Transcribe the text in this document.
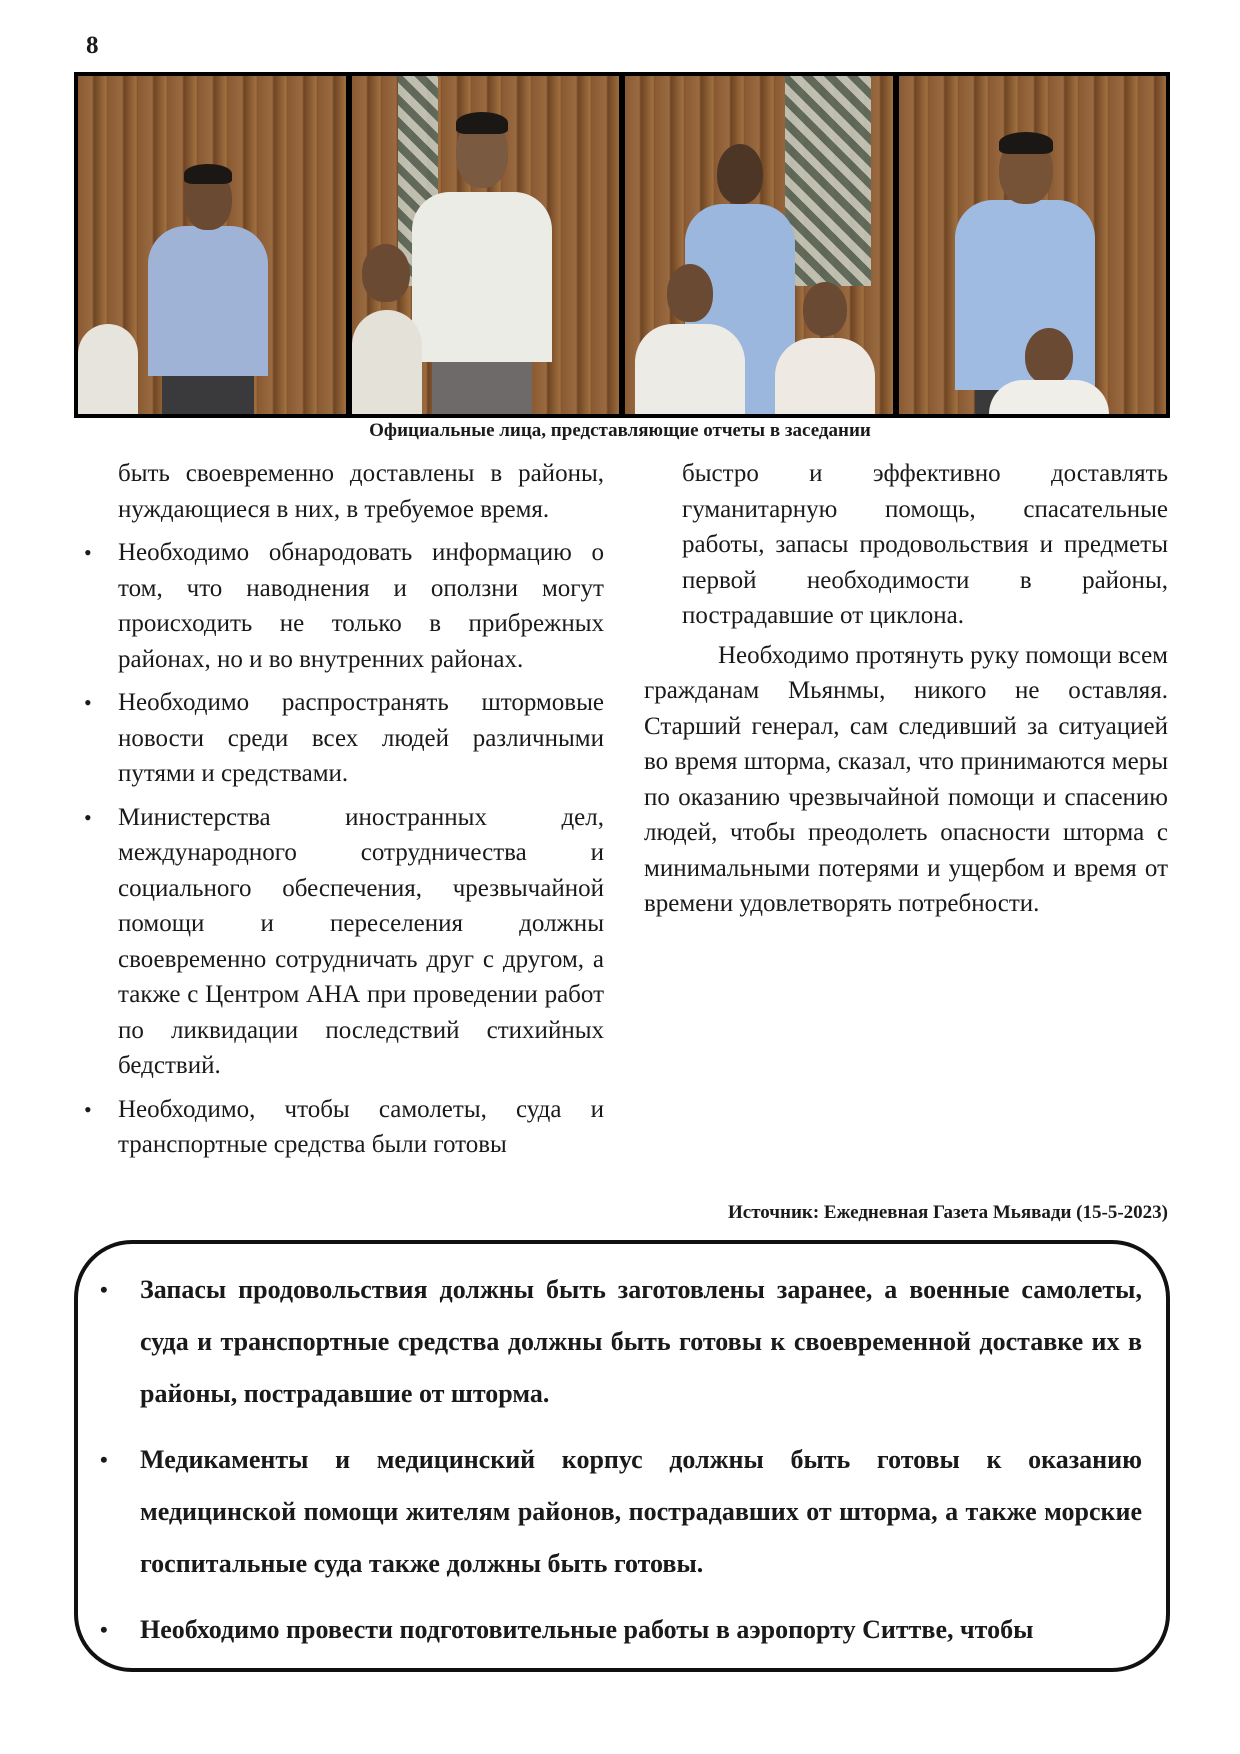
8
Официальные лица, представляющие отчеты в заседании

быть своевременно доставлены в районы, нуждающиеся в них, в требуемое время.

• Необходимо обнародовать информацию о том, что наводнения и оползни могут происходить не только в прибрежных районах, но и во внутренних районах.
• Необходимо распространять штормовые новости среди всех людей различными путями и средствами.
• Министерства иностранных дел, международного сотрудничества и социального обеспечения, чрезвычайной помощи и переселения должны своевременно сотрудничать друг с другом, а также с Центром АНА при проведении работ по ликвидации последствий стихийных бедствий.
• Необходимо, чтобы самолеты, суда и транспортные средства были готовы

быстро и эффективно доставлять гуманитарную помощь, спасательные работы, запасы продовольствия и предметы первой необходимости в районы, пострадавшие от циклона.

Необходимо протянуть руку помощи всем гражданам Мьянмы, никого не оставляя. Старший генерал, сам следивший за ситуацией во время шторма, сказал, что принимаются меры по оказанию чрезвычайной помощи и спасению людей, чтобы преодолеть опасности шторма с минимальными потерями и ущербом и время от времени удовлетворять потребности.

Источник: Ежедневная Газета Мьявади (15-5-2023)
• Запасы продовольствия должны быть заготовлены заранее, а военные самолеты, суда и транспортные средства должны быть готовы к своевременной доставке их в районы, пострадавшие от шторма.
• Медикаменты и медицинский корпус должны быть готовы к оказанию медицинской помощи жителям районов, пострадавших от шторма, а также морские госпитальные суда также должны быть готовы.
• Необходимо провести подготовительные работы в аэропорту Ситтве, чтобы
